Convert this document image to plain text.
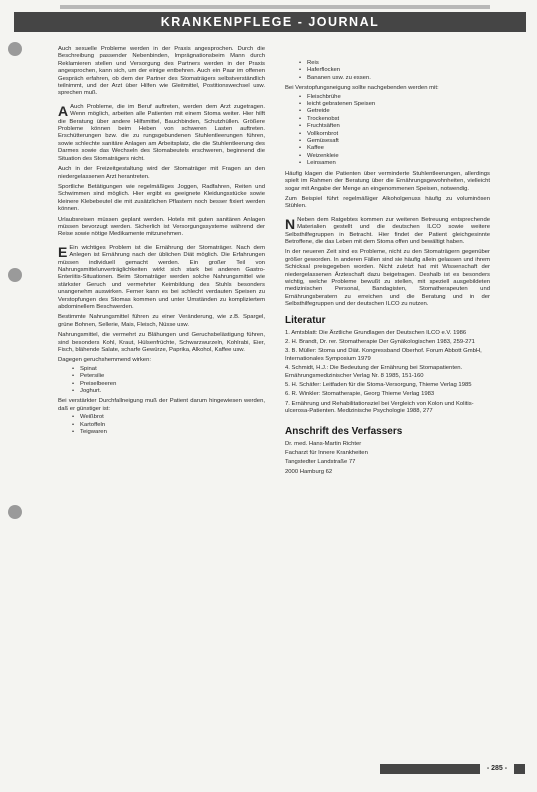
KRANKENPFLEGE - JOURNAL

Auch sexuelle Probleme werden in der Praxis angesprochen. Durch die Beschreibung passender Nebenbinden, Imprägnationsbeim Mann durch Reklamieren stellen und Versorgung des Partners werden in der Praxis angesprochen, kann sich, um der einige entbehren. Auch ein Paar im offenen Gespräch erfahren, ob dem der Partner des Stomaträgers selbstverständlich teilnimmt, und der Arzt über Hilfen wie Gleitmittel, Postitionswechsel usw. sprechen muß.

A Auch Probleme, die im Beruf auftreten, werden dem Arzt zugetragen. Wenn möglich, arbeiten alle Patienten mit einem Stoma weiter. Hier hilft die Beratung über andere Hilfsmittel, Bauchbinden, Schutzhüllen. Größere Probleme können beim Heben von schweren Lasten auftreten. Erschütterungen bzw. die zu rungsgebundenen Stuhlentleerungen führen, sowie schlechte sanitäre Anlagen am Arbeitsplatz, die die Stuhlentleerung des Darmes sowie das Wechseln des Stomabeutels erschweren, beginnend die Situation des Stomaträgers nicht.

Auch in der Freizeitgestaltung wird der Stomaträger mit Fragen an den niedergelassenen Arzt herantreten.

Sportliche Betätigungen wie regelmäßiges Joggen, Radfahren, Reiten und Schwimmen sind möglich. Hier ergibt es geeignete Kleidungsstücke sowie kleinere Klebebeutel die mit zusätzlichen Pflastern noch besser fixiert werden können.

Urlaubsreisen müssen geplant werden. Hotels mit guten sanitären Anlagen müssen bevorzugt werden. Sicherlich ist Versorgungssysteme während der Reise sowie nötige Medikamente mitzunehmen.

E Ein wichtiges Problem ist die Ernährung der Stomaträger. Nach dem Anlegen ist Ernährung nach der üblichen Diät möglich. Die Erfahrungen müssen individuell gemacht werden. Ein großer Teil von Nahrungsmittelunverträglichkeiten wirkt sich stark bei anderen Gastro-Enteriitis-Situationen. Beim Stomaträger werden solche Nahrungsmittel wie stärkster Geruch und vermehrter Keimbildung des Stuhls besonders unangenehm auswirken. Ferner kann es bei schlecht verdauten Speisen zu Verstopfungen des Stomas kommen und unter Umständen zu kompliziertem abdominellem Beschwerden.

Bestimmte Nahrungsmittel führen zu einer Veränderung, wie z.B. Spargel, grüne Bohnen, Sellerie, Mais, Fleisch, Nüsse usw.

Nahrungsmittel, die vermehrt zu Blähungen und Geruchsbelästigung führen, sind besonders Kohl, Kraut, Hülsenfrüchte, Schwarzwurzeln, Kohlrabi, Eier, Fisch, blähende Salate, scharfe Gewürze, Paprika, Alkohol, Kaffee usw.

Dagegen geruchshemmend wirken:

• Spinat
• Petersilie
• Preiselbeeren
• Joghurt.

Bei verstärkter Durchfallneigung muß der Patient darum hingewiesen werden, daß er günstiger ist:

• Weißbrot
• Kartoffeln
• Teigwaren
• Reis
• Haferflocken
• Bananen usw. zu essen.

Bei Verstopfungsneigung sollte nachgebenden werden mit:

• Fleischbrühe
• leicht gebratenen Speisen
• Getreide
• Trockenobst
• Fruchtsäften
• Vollkornbrot
• Gemüsesaft
• Kaffee
• Weizenkleie
• Leinsamen

Häufig klagen die Patienten über verminderte Stuhlentleerungen, allerdings spielt im Rahmen der Beratung über die Ernährungsgewohnheiten, vielleicht sogar mit Angabe der Menge an eingenommenen Speisen, notwendig.

Zum Beispiel führt regelmäßiger Alkoholgenuss häufig zu voluminösen Stühlen.

N Neben dem Ratgebtes kommen zur weiteren Betreuung entsprechende Materialien gestellt und die deutschen ILCO sowie weitere Selbsthilfegruppen in Betracht. Hier findet der Patient gleichgesinnte Betroffene, die das Leben mit dem Stoma offen und bewältigt haben.

In der neueren Zeit sind es Probleme, nicht zu den Stomaträgern gegenüber größer geworden. In anderen Fällen sind sie häufig allein gelassen und ihrem Schicksal preisgegeben worden. Nicht zuletzt hat mit Wissenschaft der niedergelassenen Ärzteschaft dazu beigetragen. Deshalb ist es besonders wichtig, welche Probleme bewußt zu stellen, mit speziell ausgebildeten medizinischen Personal, Bandagisten, Stomatherapeuten und Ernährungsberatern zu erreichen und die Beratung und in der Selbsthilfegruppen und der deutschen ILCO zu nutzen.

Literatur
1. Amtsblatt: Die Ärztliche Grundlagen der Deutschen ILCO e.V. 1986
2. H. Brandt, Dr. rer. Stomatherapie Der Gynäkologischen 1983, 259-271
3. B. Müller: Stoma und Diät. Kongressband Oberhof. Forum Abbott GmbH, Internationales Symposium 1979
4. Schmidt, H.J.: Die Bedeutung der Ernährung bei Stomapatienten. Ernährungsmedizinischer Verlag Nr. 8 1985, 151-160
5. H. Schäfer: Leitfaden für die Stoma-Versorgung, Thieme Verlag 1985
6. R. Winkler: Stomatherapie, Georg Thieme Verlag 1983
7. Ernährung und Rehabilitationsziel bei Vergleich von Kolon und Kolitis-ulcerosa-Patienten. Medizinische Psychologie 1988, 277
Anschrift des Verfassers
Dr. med. Hans-Martin Richter
Facharzt für Innere Krankheiten
Tangstedter Landstraße 77
2000 Hamburg 62
- 285 -
